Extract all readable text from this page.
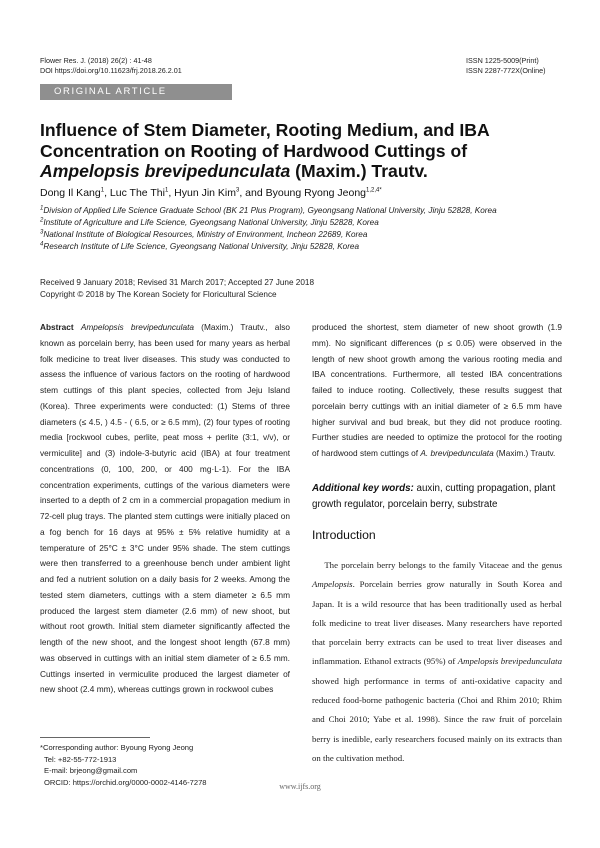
Flower Res. J. (2018) 26(2) : 41-48
DOI https://doi.org/10.11623/frj.2018.26.2.01
ISSN 1225-5009(Print)
ISSN 2287-772X(Online)
ORIGINAL ARTICLE
Influence of Stem Diameter, Rooting Medium, and IBA Concentration on Rooting of Hardwood Cuttings of Ampelopsis brevipedunculata (Maxim.) Trautv.
Dong Il Kang$^1$, Luc The Thi$^1$, Hyun Jin Kim$^3$, and Byoung Ryong Jeong$^{1,2,4*}$
$^1$Division of Applied Life Science Graduate School (BK 21 Plus Program), Gyeongsang National University, Jinju 52828, Korea
$^2$Institute of Agriculture and Life Science, Gyeongsang National University, Jinju 52828, Korea
$^3$National Institute of Biological Resources, Ministry of Environment, Incheon 22689, Korea
$^4$Research Institute of Life Science, Gyeongsang National University, Jinju 52828, Korea
Received 9 January 2018; Revised 31 March 2017; Accepted 27 June 2018
Copyright © 2018 by The Korean Society for Floricultural Science
Abstract Ampelopsis brevipedunculata (Maxim.) Trautv., also known as porcelain berry, has been used for many years as herbal folk medicine to treat liver diseases. This study was conducted to assess the influence of various factors on the rooting of hardwood stem cuttings of this plant species, collected from Jeju Island (Korea). Three experiments were conducted: (1) Stems of three diameters (≤ 4.5, ) 4.5 - ( 6.5, or ≥ 6.5 mm), (2) four types of rooting media [rockwool cubes, perlite, peat moss + perlite (3:1, v/v), or vermiculite] and (3) indole-3-butyric acid (IBA) at four treatment concentrations (0, 100, 200, or 400 mg·L-1). For the IBA concentration experiments, cuttings of the various diameters were inserted to a depth of 2 cm in a commercial propagation medium in 72-cell plug trays. The planted stem cuttings were initially placed on a fog bench for 16 days at 95% ± 5% relative humidity at a temperature of 25°C ± 3°C under 95% shade. The stem cuttings were then transferred to a greenhouse bench under ambient light and fed a nutrient solution on a daily basis for 2 weeks. Among the tested stem diameters, cuttings with a stem diameter ≥ 6.5 mm produced the largest stem diameter (2.6 mm) of new shoot, but without root growth. Initial stem diameter significantly affected the length of the new shoot, and the longest shoot length (67.8 mm) was observed in cuttings with an initial stem diameter of ≥ 6.5 mm. Cuttings inserted in vermiculite produced the largest diameter of new shoot (2.4 mm), whereas cuttings grown in rockwool cubes
produced the shortest, stem diameter of new shoot growth (1.9 mm). No significant differences (p ≤ 0.05) were observed in the length of new shoot growth among the various rooting media and IBA concentrations. Furthermore, all tested IBA concentrations failed to induce rooting. Collectively, these results suggest that porcelain berry cuttings with an initial diameter of ≥ 6.5 mm have higher survival and bud break, but they did not produce rooting. Further studies are needed to optimize the protocol for the rooting of hardwood stem cuttings of A. brevipedunculata (Maxim.) Trautv.
Additional key words: auxin, cutting propagation, plant growth regulator, porcelain berry, substrate
Introduction
The porcelain berry belongs to the family Vitaceae and the genus Ampelopsis. Porcelain berries grow naturally in South Korea and Japan. It is a wild resource that has been traditionally used as herbal folk medicine to treat liver diseases. Many researchers have reported that porcelain berry extracts can be used to treat liver diseases and inflammation. Ethanol extracts (95%) of Ampelopsis brevipedunculata showed high performance in terms of anti-oxidative capacity and reduced food-borne pathogenic bacteria (Choi and Rhim 2010; Rhim and Choi 2010; Yabe et al. 1998). Since the raw fruit of porcelain berry is inedible, early researchers focused mainly on its extracts than on the cultivation method.
*Corresponding author: Byoung Ryong Jeong
Tel: +82-55-772-1913
E-mail: brjeong@gmail.com
ORCID: https://orchid.org/0000-0002-4146-7278	www.ijfs.org
